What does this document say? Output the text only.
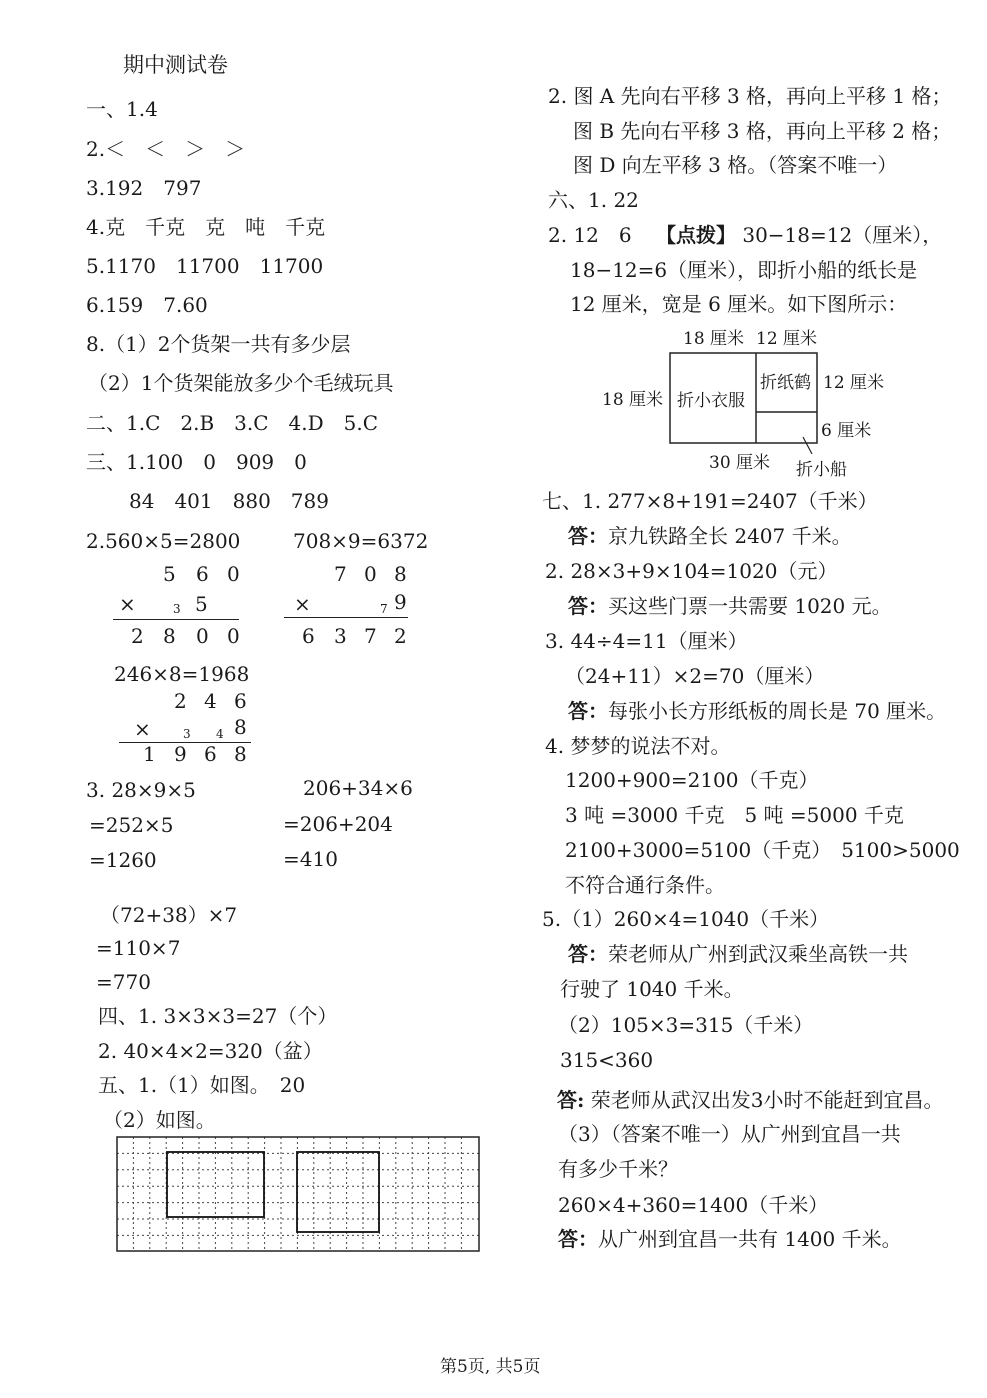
期中测试卷
一、1.4
2.＜　＜　＞　＞
3.192　797
4.克　千克　克　吨　千克
5.1170　11700　11700
6.159　7.60
8.（1）2个货架一共有多少层
（2）1个货架能放多少个毛绒玩具
二、1.C　2.B　3.C　4.D　5.C
三、1.100　0　909　0
84　401　880　789
2.560×5=2800	708×9=6372
5 6 0
×	3 5
2 8 0 0
7 0 8
×	7 9
6 3 7 2
246×8=1968
2 4 6
×	3 4 8
1 9 6 8
3. 28×9×5
=252×5
=1260
206+34×6
=206+204
=410
（72+38）×7
=110×7
=770
四、1. 3×3×3=27（个）
2. 40×4×2=320（盆）
五、1.（1）如图。　20
（2）如图。
2. 图 A 先向右平移 3 格，再向上平移 1 格；
图 B 先向右平移 3 格，再向上平移 2 格；
图 D 向左平移 3 格。（答案不唯一）
六、1. 22
2. 12　6 【点拨】 30−18=12（厘米），
18−12=6（厘米），即折小船的纸长是
12 厘米，宽是 6 厘米。如下图所示：
18 厘米 12 厘米
18 厘米
12 厘米
6 厘米
30 厘米
折小衣服
折纸鹤
折小船
七、1. 277×8+191=2407（千米）
答：京九铁路全长 2407 千米。
2. 28×3+9×104=1020（元）
答：买这些门票一共需要 1020 元。
3. 44÷4=11（厘米）
（24+11）×2=70（厘米）
答：每张小长方形纸板的周长是 70 厘米。
4. 梦梦的说法不对。
1200+900=2100（千克）
3 吨 =3000 千克　5 吨 =5000 千克
2100+3000=5100（千克）　5100>5000
不符合通行条件。
5.（1）260×4=1040（千米）
答：荣老师从广州到武汉乘坐高铁一共
行驶了 1040 千米。
（2）105×3=315（千米）
315<360
答: 荣老师从武汉出发3小时不能赶到宜昌。
（3）（答案不唯一）从广州到宜昌一共
有多少千米？
260×4+360=1400（千米）
答：从广州到宜昌一共有 1400 千米。
第5页, 共5页
